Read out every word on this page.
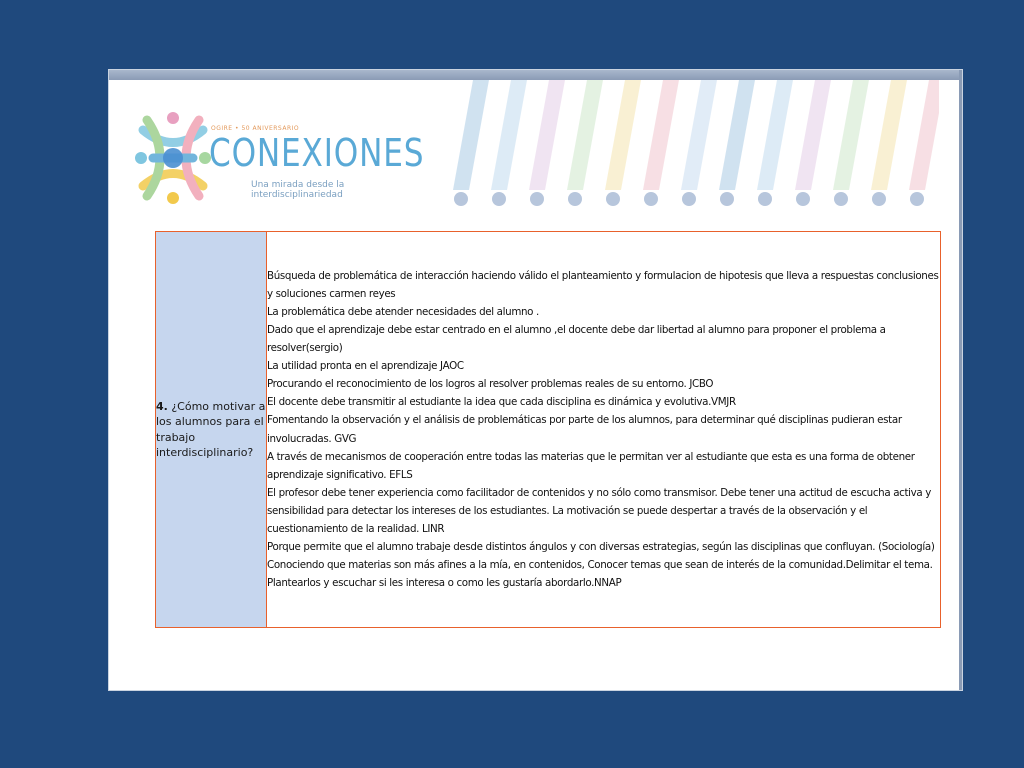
OGIRE • 50 ANIVERSARIO
CONEXIONES
Una mirada desde la interdisciplinariedad
4. ¿Cómo motivar a los alumnos para el trabajo interdisciplinario?	
Búsqueda de problemática de interacción haciendo válido el planteamiento y formulacion de hipotesis que lleva a respuestas conclusiones
y soluciones carmen reyes
La problemática debe atender necesidades del alumno .
Dado que el aprendizaje debe estar centrado en el alumno ,el docente debe dar libertad al alumno para proponer el problema a resolver(sergio)
La utilidad pronta en el aprendizaje JAOC
Procurando el reconocimiento de los logros al resolver problemas reales de su entorno. JCBO
El docente debe transmitir al estudiante la idea que cada disciplina es dinámica y evolutiva.VMJR
Fomentando la observación y el análisis de problemáticas por parte de los alumnos, para determinar qué disciplinas pudieran estar involucradas. GVG
A través de mecanismos de cooperación entre todas las materias que le permitan ver al estudiante que esta es una forma de obtener aprendizaje significativo. EFLS
El profesor debe tener experiencia como facilitador de contenidos y no sólo como transmisor. Debe tener una actitud de escucha activa y sensibilidad para detectar los intereses de los estudiantes. La motivación se puede despertar a través de la observación y el cuestionamiento de la realidad. LINR
Porque permite que el alumno trabaje desde distintos ángulos y con diversas estrategias, según las disciplinas que confluyan. (Sociología)
Conociendo que materias son más afines a la mía, en contenidos, Conocer temas que sean de interés de la comunidad.Delimitar el tema.
Plantearlos y escuchar si les interesa o como les gustaría abordarlo.NNAP
